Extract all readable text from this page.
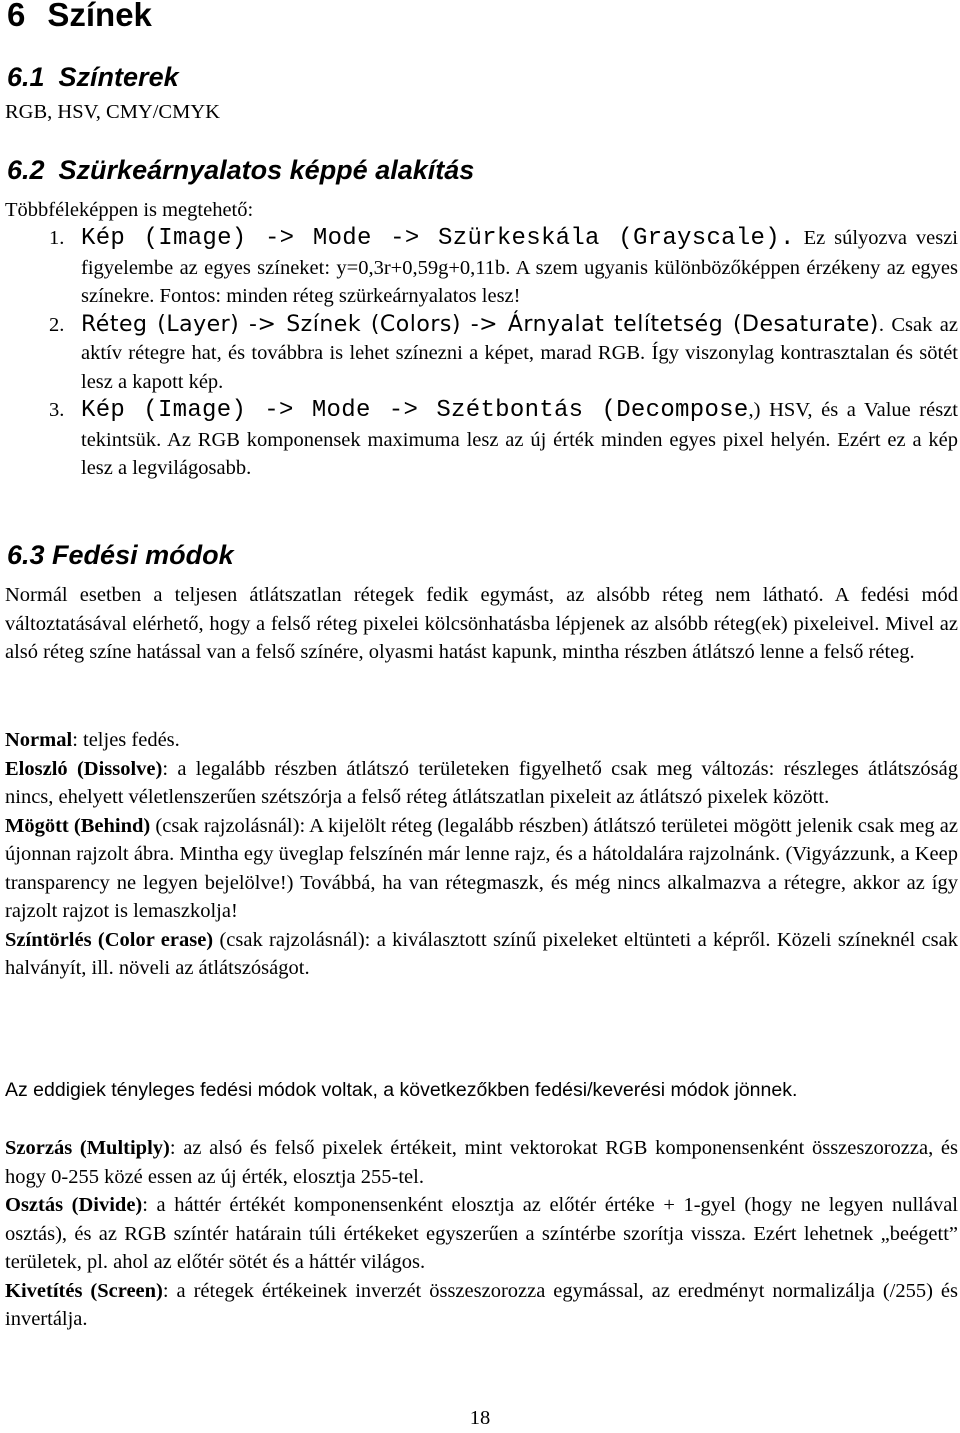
6 Színek
6.1 Színterek

RGB, HSV, CMY/CMYK

6.2 Szürkeárnyalatos képpé alakítás

Többféleképpen is megtehető:

1. Kép (Image) -> Mode -> Szürkeskála (Grayscale). Ez súlyozva veszi figyelembe az egyes színeket: y=0,3r+0,59g+0,11b. A szem ugyanis különbözőképpen érzékeny az egyes színekre. Fontos: minden réteg szürkeárnyalatos lesz!
2. Réteg (Layer) -> Színek (Colors) -> Árnyalat telítetség (Desaturate). Csak az aktív rétegre hat, és továbbra is lehet színezni a képet, marad RGB. Így viszonylag kontrasztalan és sötét lesz a kapott kép.
3. Kép (Image) -> Mode -> Szétbontás (Decompose,) HSV, és a Value részt tekintsük. Az RGB komponensek maximuma lesz az új érték minden egyes pixel helyén. Ezért ez a kép lesz a legvilágosabb.
6.3 Fedési módok

Normál esetben a teljesen átlátszatlan rétegek fedik egymást, az alsóbb réteg nem látható. A fedési mód változtatásával elérhető, hogy a felső réteg pixelei kölcsönhatásba lépjenek az alsóbb réteg(ek) pixeleivel. Mivel az alsó réteg színe hatással van a felső színére, olyasmi hatást kapunk, mintha részben átlátszó lenne a felső réteg.

Normal: teljes fedés.
Eloszló (Dissolve): a legalább részben átlátszó területeken figyelhető csak meg változás: részleges átlátszóság nincs, ehelyett véletlenszerűen szétszórja a felső réteg átlátszatlan pixeleit az átlátszó pixelek között.
Mögött (Behind) (csak rajzolásnál): A kijelölt réteg (legalább részben) átlátszó területei mögött jelenik csak meg az újonnan rajzolt ábra. Mintha egy üveglap felszínén már lenne rajz, és a hátoldalára rajzolnánk. (Vigyázzunk, a Keep transparency ne legyen bejelölve!) Továbbá, ha van rétegmaszk, és még nincs alkalmazva a rétegre, akkor az így rajzolt rajzot is lemaszkolja!
Színtörlés (Color erase) (csak rajzolásnál): a kiválasztott színű pixeleket eltünteti a képről. Közeli színeknél csak halványít, ill. növeli az átlátszóságot.

Az eddigiek tényleges fedési módok voltak, a következőkben fedési/keverési módok jönnek.

Szorzás (Multiply): az alsó és felső pixelek értékeit, mint vektorokat RGB komponensenként összeszorozza, és hogy 0-255 közé essen az új érték, elosztja 255-tel.
Osztás (Divide): a háttér értékét komponensenként elosztja az előtér értéke + 1-gyel (hogy ne legyen nullával osztás), és az RGB színtér határain túli értékeket egyszerűen a színtérbe szorítja vissza. Ezért lehetnek „beégett” területek, pl. ahol az előtér sötét és a háttér világos.
Kivetítés (Screen): a rétegek értékeinek inverzét összeszorozza egymással, az eredményt normalizálja (/255) és invertálja.
18
